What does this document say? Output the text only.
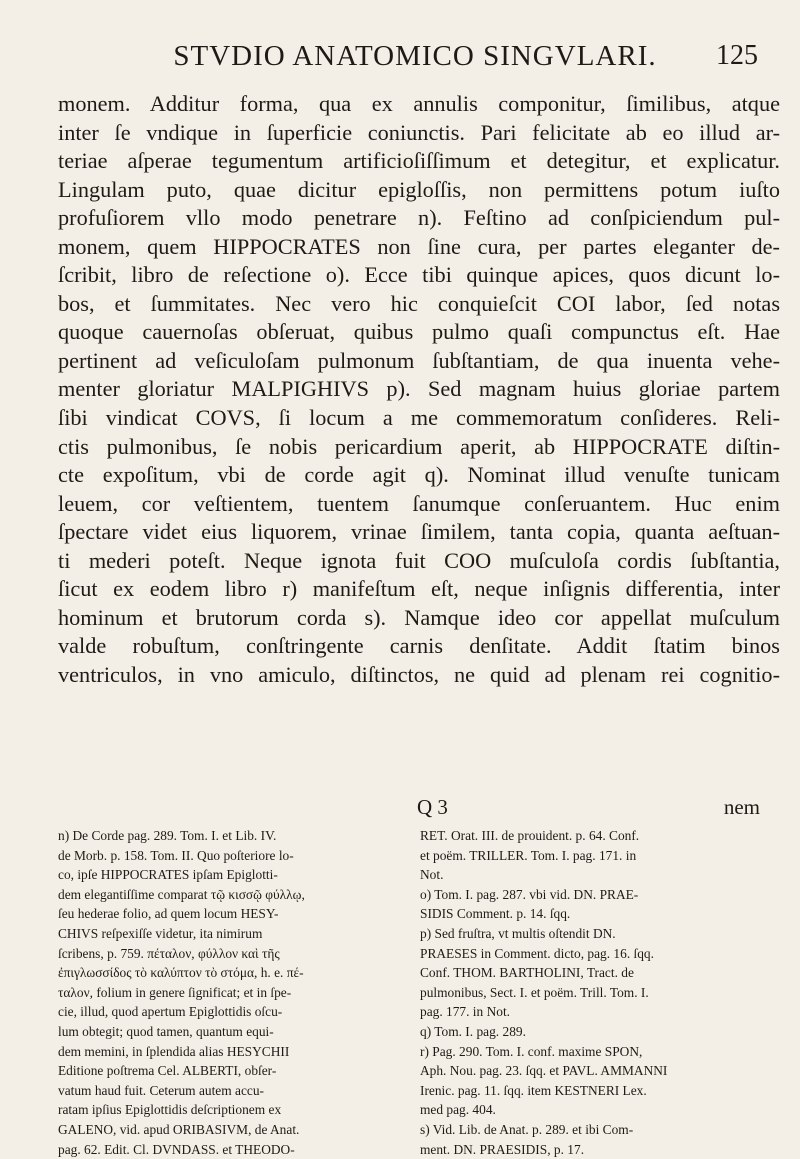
STVDIO ANATOMICO SINGVLARI.	125
monem. Additur forma, qua ex annulis componitur, ſimilibus, atque
inter ſe vndique in ſuperficie coniunctis. Pari felicitate ab eo illud ar-
teriae aſperae tegumentum artificioſiſſimum et detegitur, et explicatur.
Lingulam puto, quae dicitur epigloſſis, non permittens potum iuſto
profuſiorem vllo modo penetrare n). Feſtino ad conſpiciendum pul-
monem, quem HIPPOCRATES non ſine cura, per partes eleganter de-
ſcribit, libro de reſectione o). Ecce tibi quinque apices, quos dicunt lo-
bos, et ſummitates. Nec vero hic conquieſcit COI labor, ſed notas
quoque cauernoſas obſeruat, quibus pulmo quaſi compunctus eſt. Hae
pertinent ad veſiculoſam pulmonum ſubſtantiam, de qua inuenta vehe-
menter gloriatur MALPIGHIVS p). Sed magnam huius gloriae partem
ſibi vindicat COVS, ſi locum a me commemoratum conſideres. Reli-
ctis pulmonibus, ſe nobis pericardium aperit, ab HIPPOCRATE diſtin-
cte expoſitum, vbi de corde agit q). Nominat illud venuſte tunicam
leuem, cor veſtientem, tuentem ſanumque conſeruantem. Huc enim
ſpectare videt eius liquorem, vrinae ſimilem, tanta copia, quanta aeſtuan-
ti mederi poteſt. Neque ignota fuit COO muſculoſa cordis ſubſtantia,
ſicut ex eodem libro r) manifeſtum eſt, neque inſignis differentia, inter
hominum et brutorum corda s). Namque ideo cor appellat muſculum
valde robuſtum, conſtringente carnis denſitate. Addit ſtatim binos
ventriculos, in vno amiculo, diſtinctos, ne quid ad plenam rei cognitio-
Q 3	nem
n) De Corde pag. 289. Tom. I. et Lib. IV.
de Morb. p. 158. Tom. II. Quo poſteriore lo-
co, ipſe HIPPOCRATES ipſam Epiglotti-
dem elegantiſſime comparat τῷ κισσῷ φύλλῳ,
ſeu hederae folio, ad quem locum HESY-
CHIVS reſpexiſſe videtur, ita nimirum
ſcribens, p. 759. πέταλον, φύλλον καὶ τῆς
ἐπιγλωσσίδος τὸ καλύπτον τὸ στόμα, h. e. πέ-
ταλον, folium in genere ſignificat; et in ſpe-
cie, illud, quod apertum Epiglottidis oſcu-
lum obtegit; quod tamen, quantum equi-
dem memini, in ſplendida alias HESYCHII
Editione poſtrema Cel. ALBERTI, obſer-
vatum haud fuit. Ceterum autem accu-
ratam ipſius Epiglottidis deſcriptionem ex
GALENO, vid. apud ORIBASIVM, de Anat.
pag. 62. Edit. Cl. DVNDASS. et THEODO-
RET. Orat. III. de prouident. p. 64. Conf.
et poëm. TRILLER. Tom. I. pag. 171. in
Not.
o) Tom. I. pag. 287. vbi vid. DN. PRAE-
SIDIS Comment. p. 14. ſqq.
p) Sed fruſtra, vt multis oſtendit DN.
PRAESES in Comment. dicto, pag. 16. ſqq.
Conf. THOM. BARTHOLINI, Tract. de
pulmonibus, Sect. I. et poëm. Trill. Tom. I.
pag. 177. in Not.
q) Tom. I. pag. 289.
r) Pag. 290. Tom. I. conf. maxime SPON,
Aph. Nou. pag. 23. ſqq. et PAVL. AMMANNI
Irenic. pag. 11. ſqq. item KESTNERI Lex.
med pag. 404.
s) Vid. Lib. de Anat. p. 289. et ibi Com-
ment. DN. PRAESIDIS, p. 17.
